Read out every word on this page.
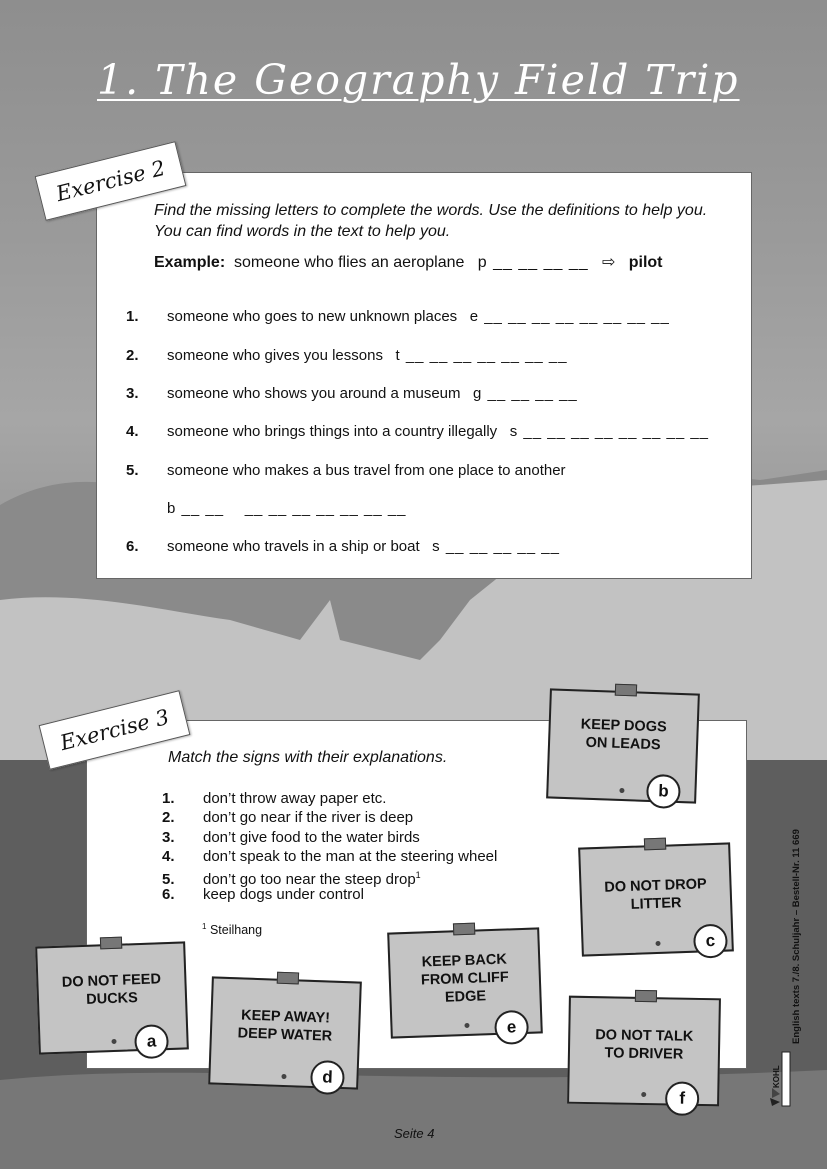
1. The Geography Field Trip
Exercise 2

Find the missing letters to complete the words. Use the definitions to help you. You can find words in the text to help you.

Example: someone who flies an aeroplane p __ __ __ __ ⇨ pilot
1. someone who goes to new unknown places e __ __ __ __ __ __ __ __
2. someone who gives you lessons t __ __ __ __ __ __ __
3. someone who shows you around a museum g __ __ __ __
4. someone who brings things into a country illegally s __ __ __ __ __ __ __ __
5. someone who makes a bus travel from one place to another
b __ __    __ __ __ __ __ __ __
6. someone who travels in a ship or boat s __ __ __ __ __
Exercise 3

Match the signs with their explanations.

1. don’t throw away paper etc.
2. don’t go near if the river is deep
3. don’t give food to the water birds
4. don’t speak to the man at the steering wheel
5. don’t go too near the steep drop$^1$
6. keep dogs under control
$^1$ Steilhang
KEEP DOGS
ON LEADS
b
DO NOT DROP
LITTER
c
DO NOT FEED
DUCKS
a
KEEP AWAY!
DEEP WATER
d
KEEP BACK
FROM CLIFF
EDGE
e	DO NOT TALK
TO DRIVER
f
Seite 4
English texts 7./8. Schuljahr – Bestell-Nr. 11 669
KOHL
